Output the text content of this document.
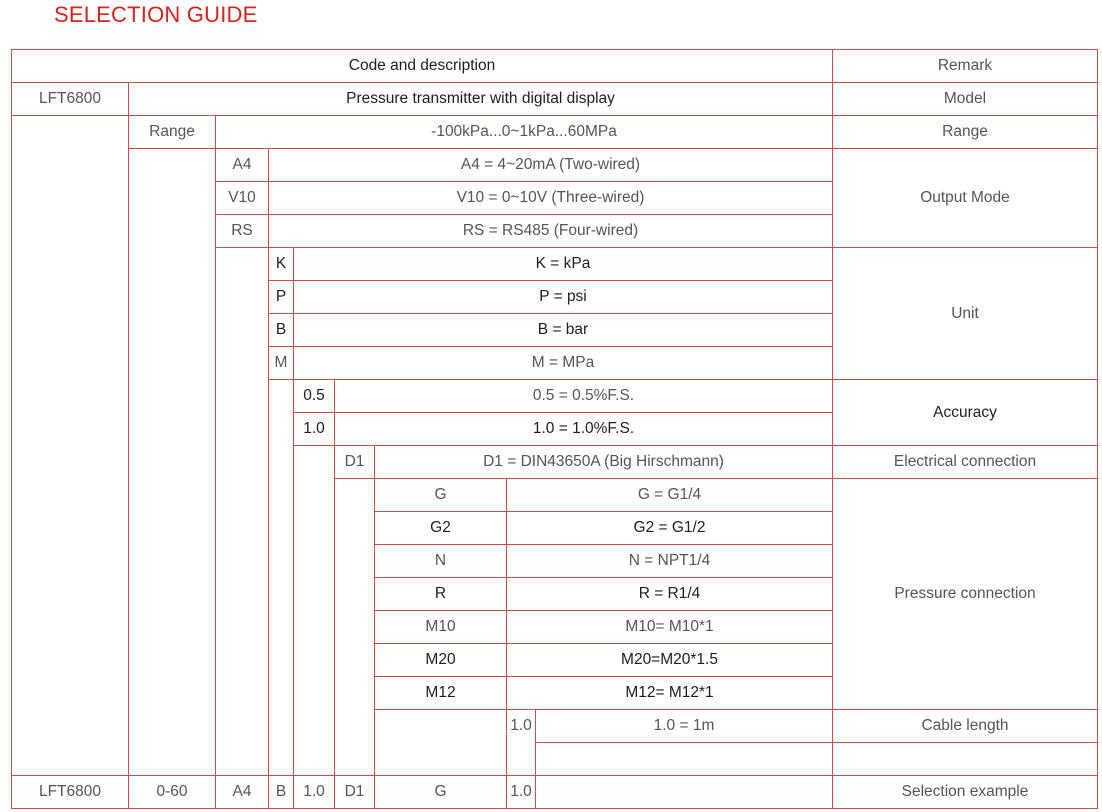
SELECTION GUIDE
Code and description	Remark
LFT6800	Pressure transmitter with digital display	Model
Range	-100kPa...0~1kPa...60MPa	Range
A4	A4 = 4~20mA (Two-wired)
V10	V10 = 0~10V (Three-wired)
RS	RS = RS485 (Four-wired)
Output Mode
K	K = kPa
P	P = psi
B	B = bar
M	M = MPa
Unit
0.5	0.5 = 0.5%F.S.
1.0	1.0 = 1.0%F.S.
Accuracy
D1	D1 = DIN43650A (Big Hirschmann)	Electrical connection
G	G = G1/4
G2	G2 = G1/2
N	N = NPT1/4
R	R = R1/4
M10	M10= M10*1
M20	M20=M20*1.5
M12	M12= M12*1
Pressure connection
1.0	1.0 = 1m	Cable length
LFT6800	0-60	A4	B	1.0	D1	G	1.0	Selection example
